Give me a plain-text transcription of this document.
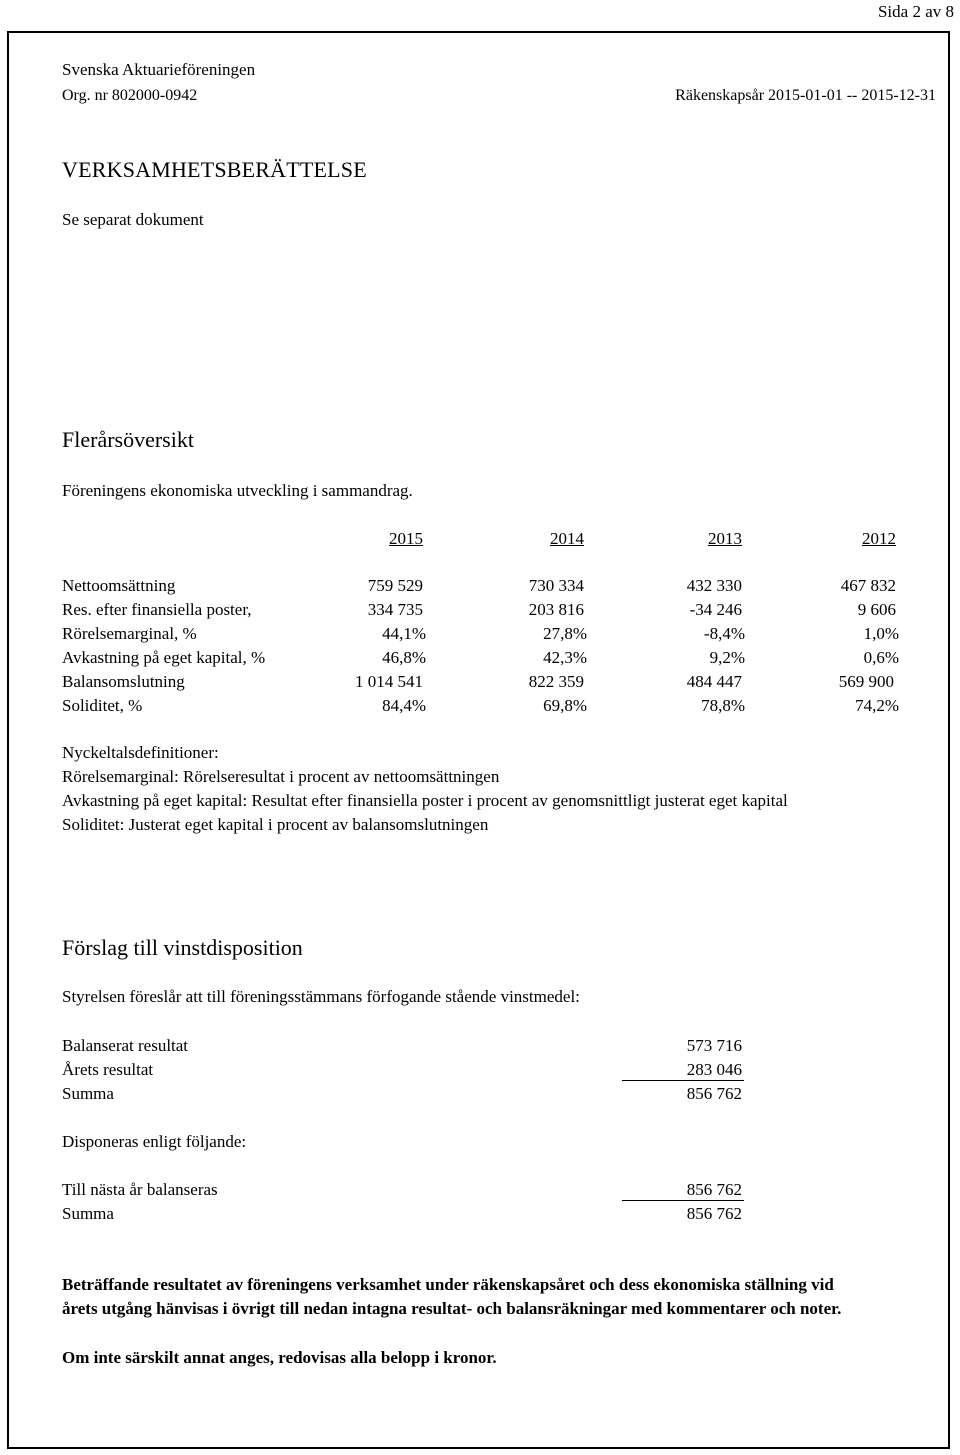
Sida 2 av 8
Svenska Aktuarieföreningen
Org. nr 802000-0942	Räkenskapsår 2015-01-01 -- 2015-12-31
VERKSAMHETSBERÄTTELSE
Se separat dokument
Flerårsöversikt
Föreningens ekonomiska utveckling i sammandrag.
2015	2014	2013	2012
Nettoomsättning	759 529	730 334	432 330	467 832
Res. efter finansiella poster,	334 735	203 816	-34 246	9 606
Rörelsemarginal, %	44,1%	27,8%	-8,4%	1,0%
Avkastning på eget kapital, %	46,8%	42,3%	9,2%	0,6%
Balansomslutning	1 014 541	822 359	484 447	569 900
Soliditet, %	84,4%	69,8%	78,8%	74,2%
Nyckeltalsdefinitioner:
Rörelsemarginal: Rörelseresultat i procent av nettoomsättningen
Avkastning på eget kapital: Resultat efter finansiella poster i procent av genomsnittligt justerat eget kapital
Soliditet: Justerat eget kapital i procent av balansomslutningen
Förslag till vinstdisposition
Styrelsen föreslår att till föreningsstämmans förfogande stående vinstmedel:
Balanserat resultat	573 716
Årets resultat	283 046
Summa	856 762
Disponeras enligt följande:
Till nästa år balanseras	856 762
Summa	856 762
Beträffande resultatet av föreningens verksamhet under räkenskapsåret och dess ekonomiska ställning vid
årets utgång hänvisas i övrigt till nedan intagna resultat- och balansräkningar med kommentarer och noter.
Om inte särskilt annat anges, redovisas alla belopp i kronor.
